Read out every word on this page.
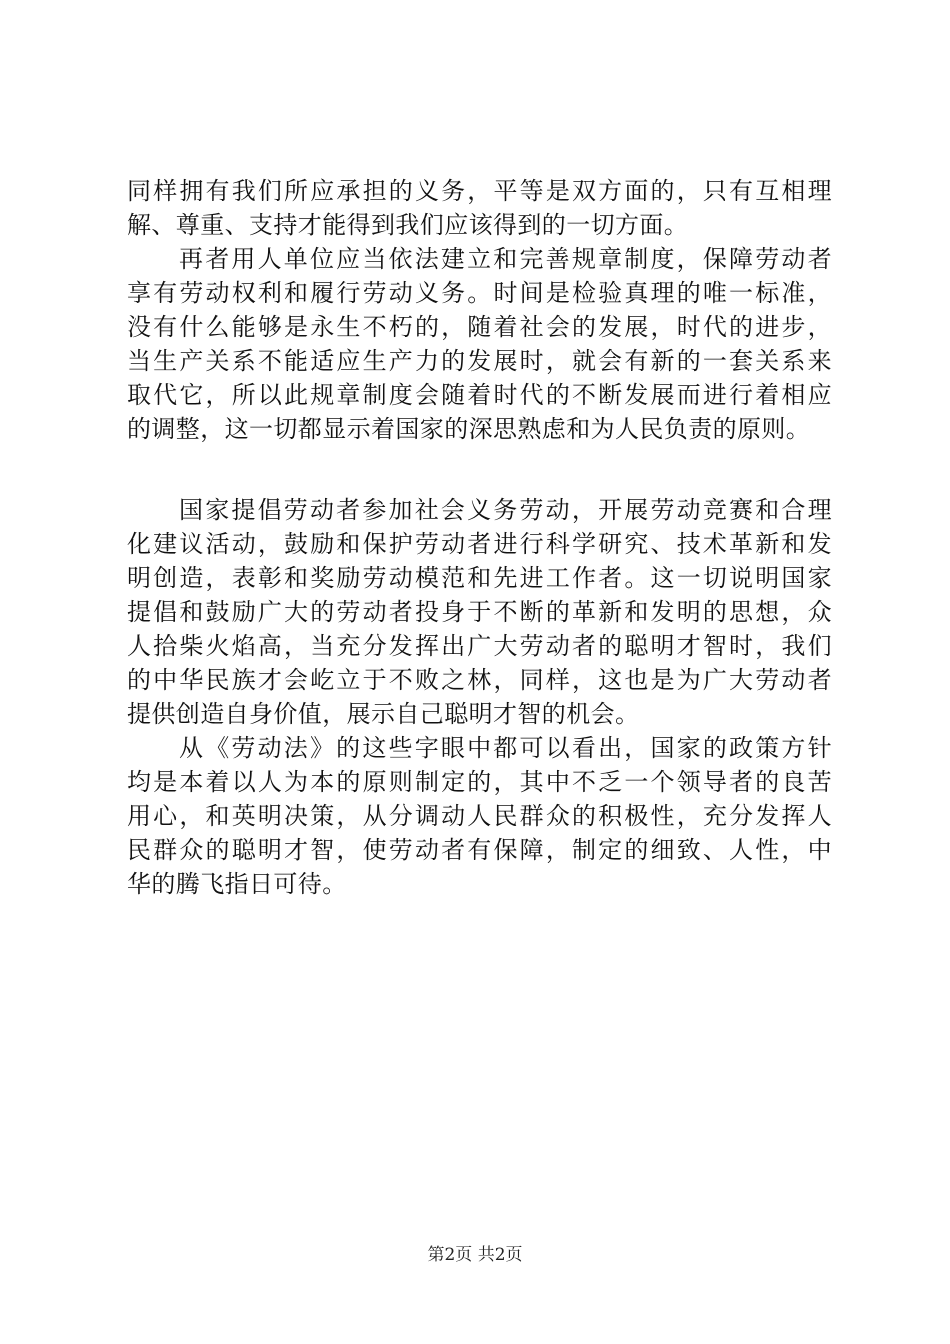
同样拥有我们所应承担的义务，平等是双方面的，只有互相理
解、尊重、支持才能得到我们应该得到的一切方面。
再者用人单位应当依法建立和完善规章制度，保障劳动者
享有劳动权利和履行劳动义务。时间是检验真理的唯一标准，
没有什么能够是永生不朽的，随着社会的发展，时代的进步，
当生产关系不能适应生产力的发展时，就会有新的一套关系来
取代它，所以此规章制度会随着时代的不断发展而进行着相应
的调整，这一切都显示着国家的深思熟虑和为人民负责的原则。
国家提倡劳动者参加社会义务劳动，开展劳动竞赛和合理
化建议活动，鼓励和保护劳动者进行科学研究、技术革新和发
明创造，表彰和奖励劳动模范和先进工作者。这一切说明国家
提倡和鼓励广大的劳动者投身于不断的革新和发明的思想，众
人拾柴火焰高，当充分发挥出广大劳动者的聪明才智时，我们
的中华民族才会屹立于不败之林，同样，这也是为广大劳动者
提供创造自身价值，展示自己聪明才智的机会。
从《劳动法》的这些字眼中都可以看出，国家的政策方针
均是本着以人为本的原则制定的，其中不乏一个领导者的良苦
用心，和英明决策，从分调动人民群众的积极性，充分发挥人
民群众的聪明才智，使劳动者有保障，制定的细致、人性，中
华的腾飞指日可待。
第2页 共2页
